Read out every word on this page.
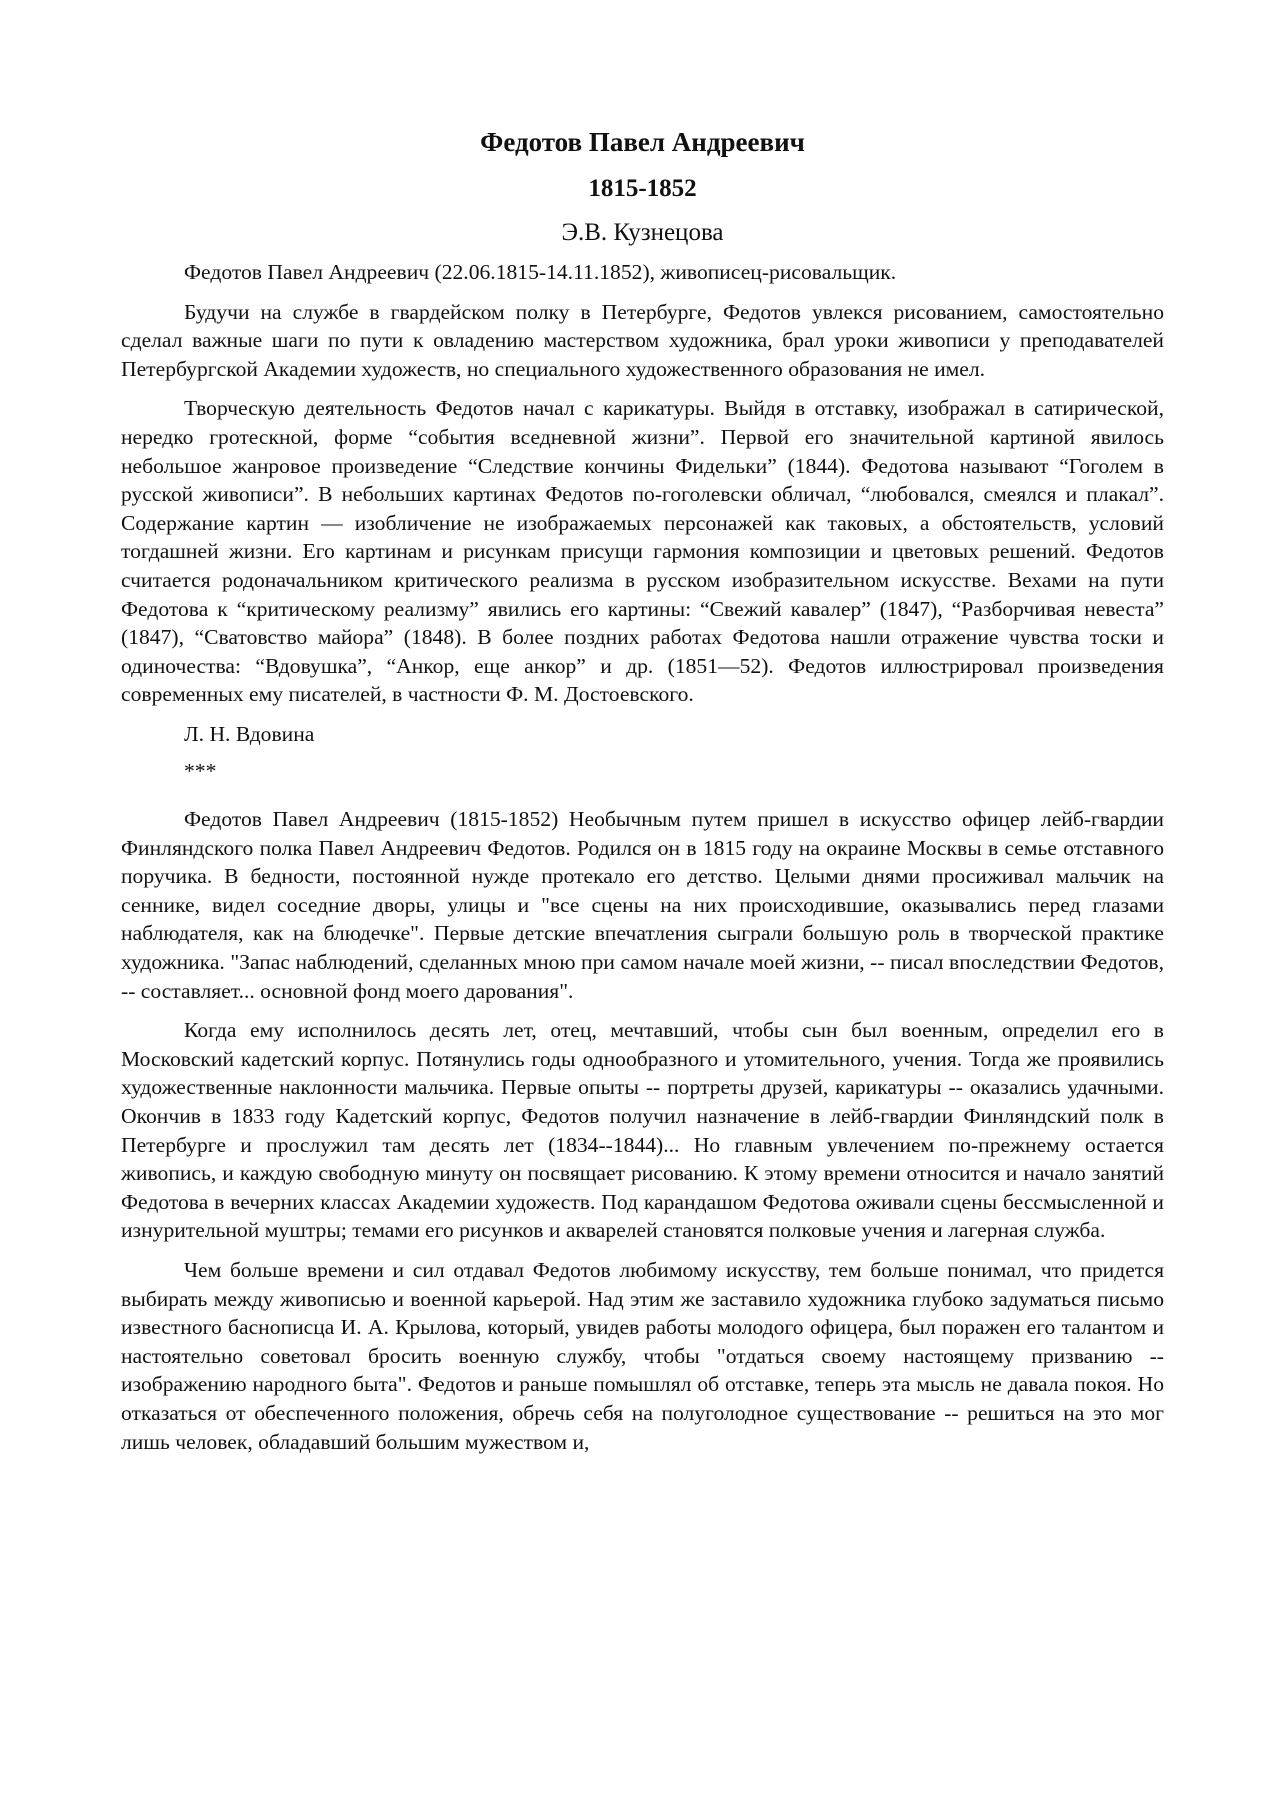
Федотов Павел Андреевич
1815-1852
Э.В. Кузнецова

Федотов Павел Андреевич (22.06.1815-14.11.1852), живописец-рисовальщик.

Будучи на службе в гвардейском полку в Петербурге, Федотов увлекся рисованием, самостоятельно сделал важные шаги по пути к овладению мастерством художника, брал уроки живописи у преподавателей Петербургской Академии художеств, но специального художественного образования не имел.

Творческую деятельность Федотов начал с карикатуры. Выйдя в отставку, изображал в сатирической, нередко гротескной, форме “события вседневной жизни”. Первой его значительной картиной явилось небольшое жанровое произведение “Следствие кончины Фидельки” (1844). Федотова называют “Гоголем в русской живописи”. В небольших картинах Федотов по-гоголевски обличал, “любовался, смеялся и плакал”. Содержание картин — изобличение не изображаемых персонажей как таковых, а обстоятельств, условий тогдашней жизни. Его картинам и рисункам присущи гармония композиции и цветовых решений. Федотов считается родоначальником критического реализма в русском изобразительном искусстве. Вехами на пути Федотова к “критическому реализму” явились его картины: “Свежий кавалер” (1847), “Разборчивая невеста” (1847), “Сватовство майора” (1848). В более поздних работах Федотова нашли отражение чувства тоски и одиночества: “Вдовушка”, “Анкор, еще анкор” и др. (1851—52). Федотов иллюстрировал произведения современных ему писателей, в частности Ф. М. Достоевского.

Л. Н. Вдовина

***

Федотов Павел Андреевич (1815-1852) Необычным путем пришел в искусство офицер лейб-гвардии Финляндского полка Павел Андреевич Федотов. Родился он в 1815 году на окраине Москвы в семье отставного поручика. В бедности, постоянной нужде протекало его детство. Целыми днями просиживал мальчик на сеннике, видел соседние дворы, улицы и "все сцены на них происходившие, оказывались перед глазами наблюдателя, как на блюдечке". Первые детские впечатления сыграли большую роль в творческой практике художника. "Запас наблюдений, сделанных мною при самом начале моей жизни, -- писал впоследствии Федотов, -- составляет... основной фонд моего дарования".

Когда ему исполнилось десять лет, отец, мечтавший, чтобы сын был военным, определил его в Московский кадетский корпус. Потянулись годы однообразного и утомительного, учения. Тогда же проявились художественные наклонности мальчика. Первые опыты -- портреты друзей, карикатуры -- оказались удачными. Окончив в 1833 году Кадетский корпус, Федотов получил назначение в лейб-гвардии Финляндский полк в Петербурге и прослужил там десять лет (1834--1844)... Но главным увлечением по-прежнему остается живопись, и каждую свободную минуту он посвящает рисованию. К этому времени относится и начало занятий Федотова в вечерних классах Академии художеств. Под карандашом Федотова оживали сцены бессмысленной и изнурительной муштры; темами его рисунков и акварелей становятся полковые учения и лагерная служба.

Чем больше времени и сил отдавал Федотов любимому искусству, тем больше понимал, что придется выбирать между живописью и военной карьерой. Над этим же заставило художника глубоко задуматься письмо известного баснописца И. А. Крылова, который, увидев работы молодого офицера, был поражен его талантом и настоятельно советовал бросить военную службу, чтобы "отдаться своему настоящему призванию -- изображению народного быта". Федотов и раньше помышлял об отставке, теперь эта мысль не давала покоя. Но отказаться от обеспеченного положения, обречь себя на полуголодное существование -- решиться на это мог лишь человек, обладавший большим мужеством и,
